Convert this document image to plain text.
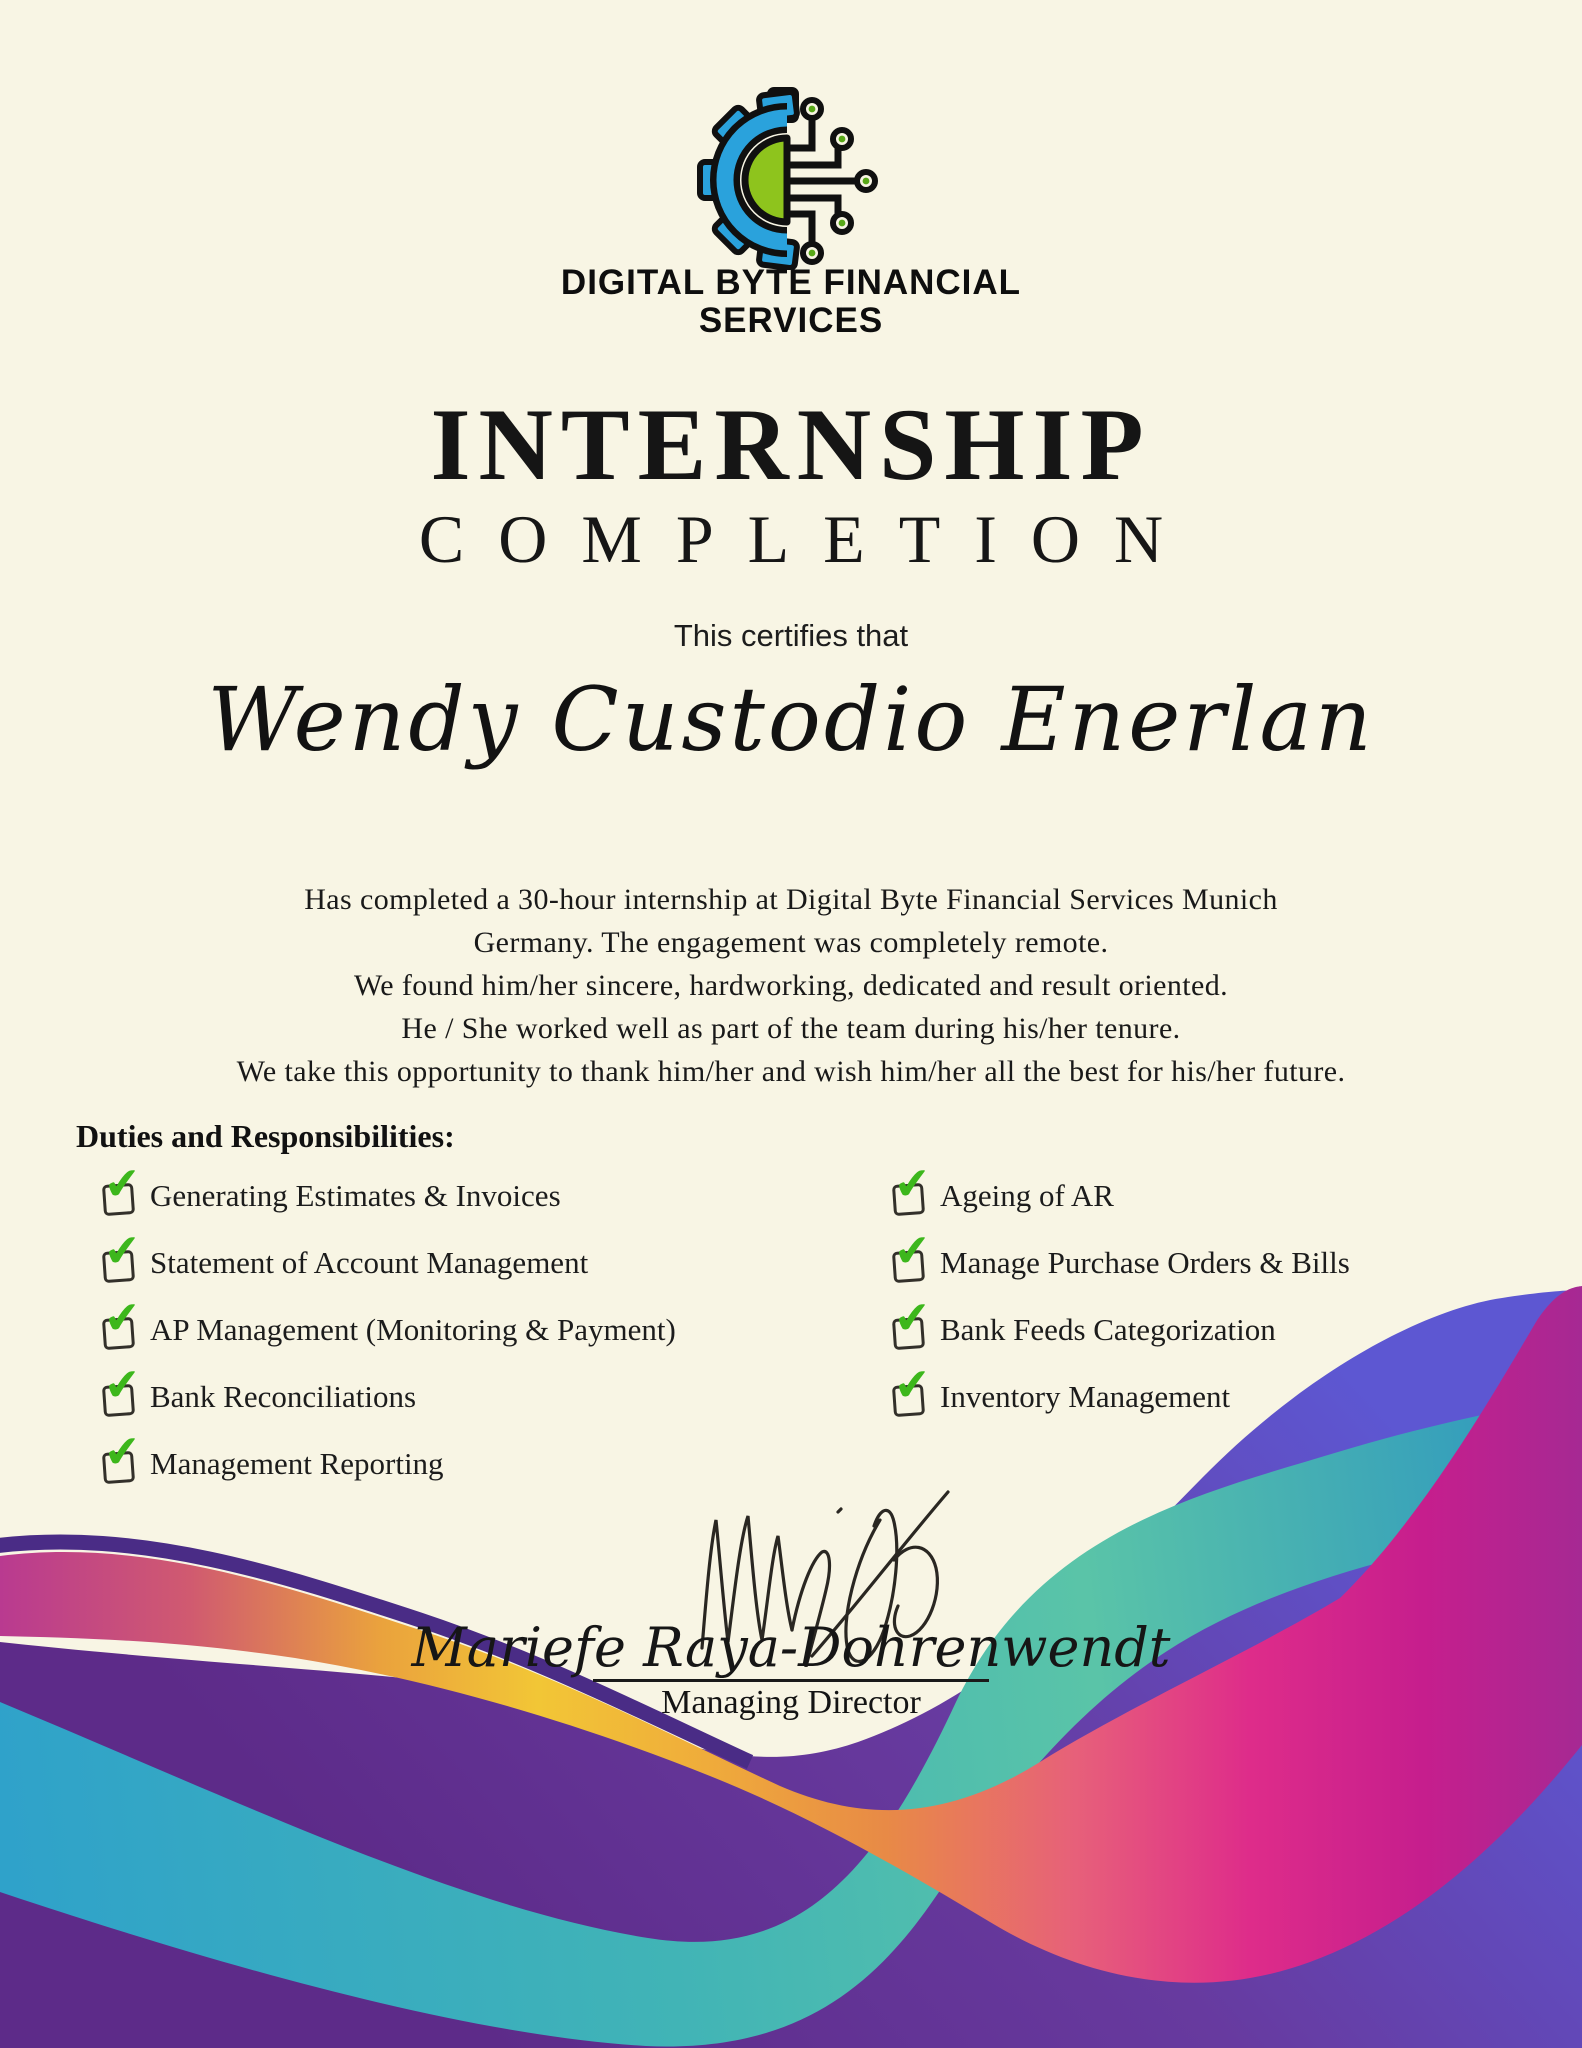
DIGITAL BYTE FINANCIAL
SERVICES
INTERNSHIP
COMPLETION
This certifies that
Wendy Custodio Enerlan
Has completed a 30-hour internship at Digital Byte Financial Services Munich
Germany. The engagement was completely remote.
We found him/her sincere, hardworking, dedicated and result oriented.
He / She worked well as part of the team during his/her tenure.
We take this opportunity to thank him/her and wish him/her all the best for his/her future.
Duties and Responsibilities:
✔ Generating Estimates & Invoices
✔ Statement of Account Management
✔ AP Management (Monitoring & Payment)
✔ Bank Reconciliations
✔ Management Reporting
✔ Ageing of AR
✔ Manage Purchase Orders & Bills
✔ Bank Feeds Categorization
✔ Inventory Management
Mariefe Raya-Dohrenwendt
Managing Director
